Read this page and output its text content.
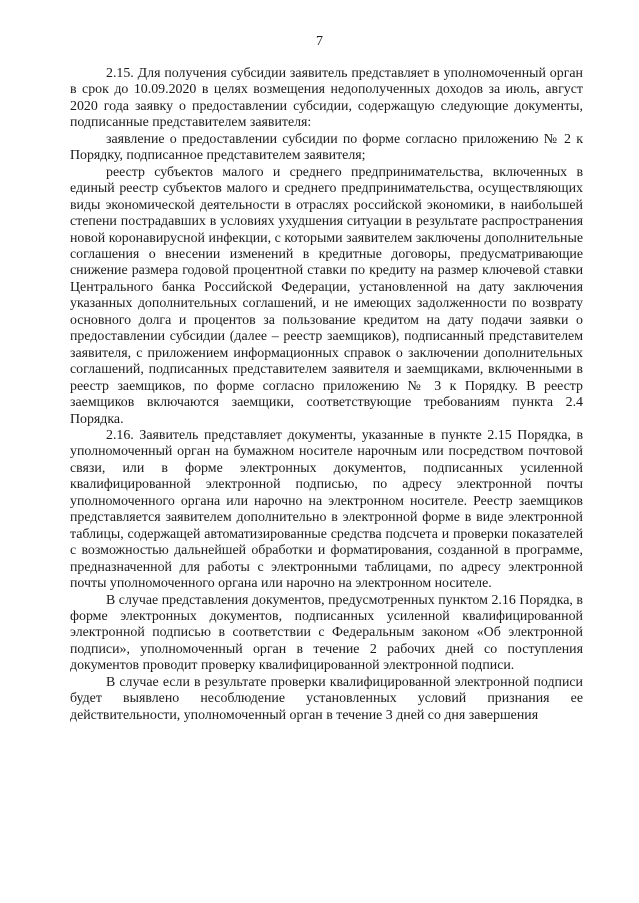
7

2.15. Для получения субсидии заявитель представляет в уполномоченный орган в срок до 10.09.2020 в целях возмещения недополученных доходов за июль, август 2020 года заявку о предоставлении субсидии, содержащую следующие документы, подписанные представителем заявителя:

заявление о предоставлении субсидии по форме согласно приложению № 2 к Порядку, подписанное представителем заявителя;

реестр субъектов малого и среднего предпринимательства, включенных в единый реестр субъектов малого и среднего предпринимательства, осуществляющих виды экономической деятельности в отраслях российской экономики, в наибольшей степени пострадавших в условиях ухудшения ситуации в результате распространения новой коронавирусной инфекции, с которыми заявителем заключены дополнительные соглашения о внесении изменений в кредитные договоры, предусматривающие снижение размера годовой процентной ставки по кредиту на размер ключевой ставки Центрального банка Российской Федерации, установленной на дату заключения указанных дополнительных соглашений, и не имеющих задолженности по возврату основного долга и процентов за пользование кредитом на дату подачи заявки о предоставлении субсидии (далее – реестр заемщиков), подписанный представителем заявителя, с приложением информационных справок о заключении дополнительных соглашений, подписанных представителем заявителя и заемщиками, включенными в реестр заемщиков, по форме согласно приложению № 3 к Порядку. В реестр заемщиков включаются заемщики, соответствующие требованиям пункта 2.4 Порядка.

2.16. Заявитель представляет документы, указанные в пункте 2.15 Порядка, в уполномоченный орган на бумажном носителе нарочным или посредством почтовой связи, или в форме электронных документов, подписанных усиленной квалифицированной электронной подписью, по адресу электронной почты уполномоченного органа или нарочно на электронном носителе. Реестр заемщиков представляется заявителем дополнительно в электронной форме в виде электронной таблицы, содержащей автоматизированные средства подсчета и проверки показателей с возможностью дальнейшей обработки и форматирования, созданной в программе, предназначенной для работы с электронными таблицами, по адресу электронной почты уполномоченного органа или нарочно на электронном носителе.

В случае представления документов, предусмотренных пунктом 2.16 Порядка, в форме электронных документов, подписанных усиленной квалифицированной электронной подписью в соответствии с Федеральным законом «Об электронной подписи», уполномоченный орган в течение 2 рабочих дней со поступления документов проводит проверку квалифицированной электронной подписи.

В случае если в результате проверки квалифицированной электронной подписи будет выявлено несоблюдение установленных условий признания ее действительности, уполномоченный орган в течение 3 дней со дня завершения
